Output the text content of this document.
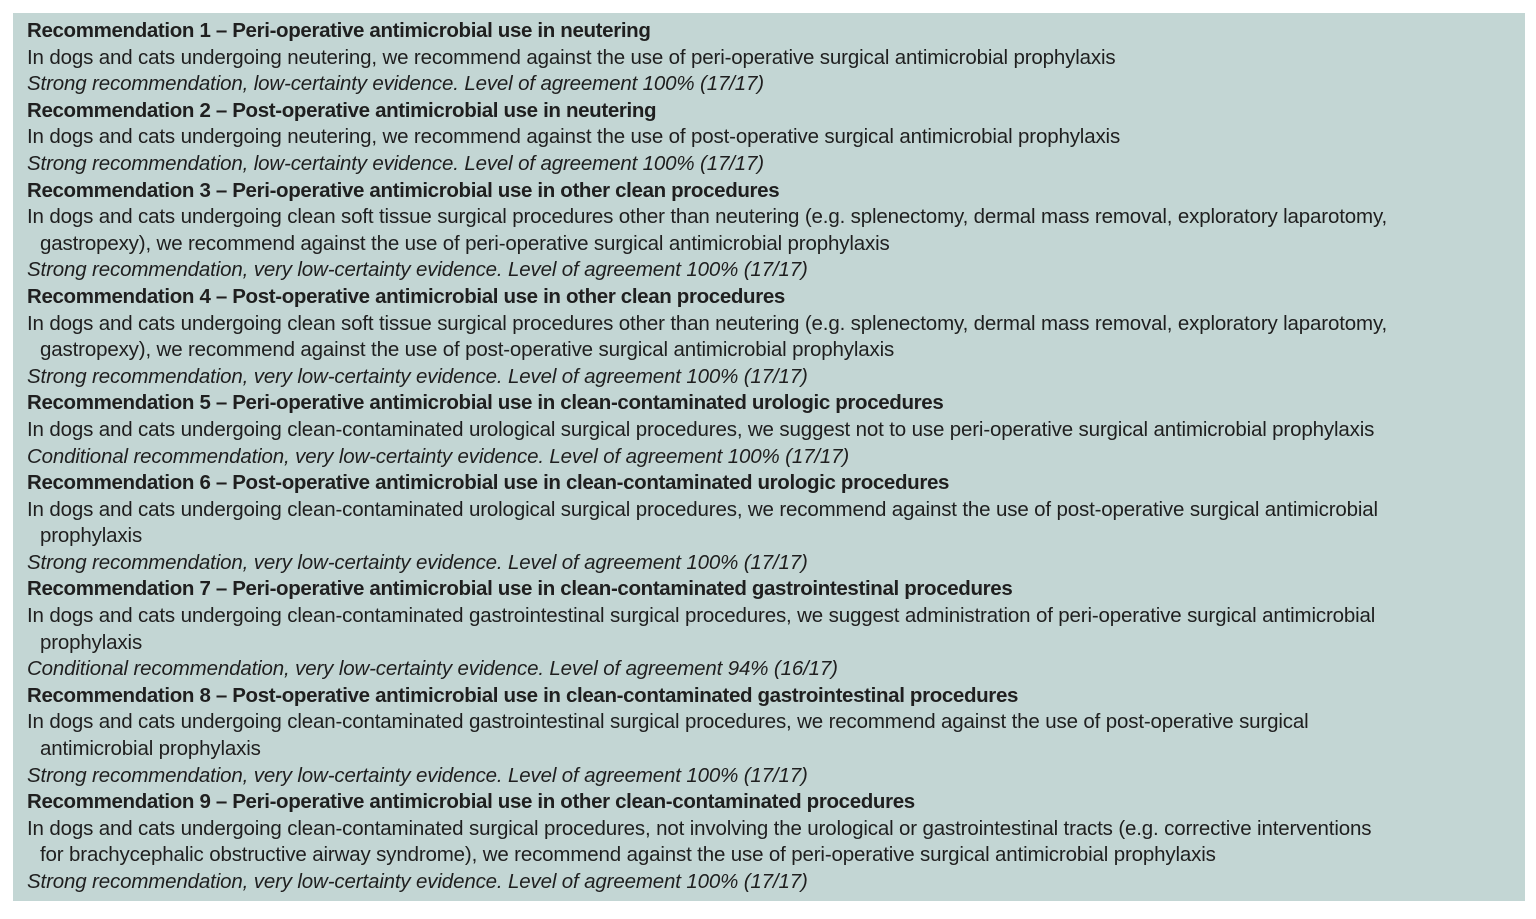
Recommendation 1 – Peri-operative antimicrobial use in neutering
In dogs and cats undergoing neutering, we recommend against the use of peri-operative surgical antimicrobial prophylaxis
Strong recommendation, low-certainty evidence. Level of agreement 100% (17/17)
Recommendation 2 – Post-operative antimicrobial use in neutering
In dogs and cats undergoing neutering, we recommend against the use of post-operative surgical antimicrobial prophylaxis
Strong recommendation, low-certainty evidence. Level of agreement 100% (17/17)
Recommendation 3 – Peri-operative antimicrobial use in other clean procedures
In dogs and cats undergoing clean soft tissue surgical procedures other than neutering (e.g. splenectomy, dermal mass removal, exploratory laparotomy,
gastropexy), we recommend against the use of peri-operative surgical antimicrobial prophylaxis
Strong recommendation, very low-certainty evidence. Level of agreement 100% (17/17)
Recommendation 4 – Post-operative antimicrobial use in other clean procedures
In dogs and cats undergoing clean soft tissue surgical procedures other than neutering (e.g. splenectomy, dermal mass removal, exploratory laparotomy,
gastropexy), we recommend against the use of post-operative surgical antimicrobial prophylaxis
Strong recommendation, very low-certainty evidence. Level of agreement 100% (17/17)
Recommendation 5 – Peri-operative antimicrobial use in clean-contaminated urologic procedures
In dogs and cats undergoing clean-contaminated urological surgical procedures, we suggest not to use peri-operative surgical antimicrobial prophylaxis
Conditional recommendation, very low-certainty evidence. Level of agreement 100% (17/17)
Recommendation 6 – Post-operative antimicrobial use in clean-contaminated urologic procedures
In dogs and cats undergoing clean-contaminated urological surgical procedures, we recommend against the use of post-operative surgical antimicrobial
prophylaxis
Strong recommendation, very low-certainty evidence. Level of agreement 100% (17/17)
Recommendation 7 – Peri-operative antimicrobial use in clean-contaminated gastrointestinal procedures
In dogs and cats undergoing clean-contaminated gastrointestinal surgical procedures, we suggest administration of peri-operative surgical antimicrobial
prophylaxis
Conditional recommendation, very low-certainty evidence. Level of agreement 94% (16/17)
Recommendation 8 – Post-operative antimicrobial use in clean-contaminated gastrointestinal procedures
In dogs and cats undergoing clean-contaminated gastrointestinal surgical procedures, we recommend against the use of post-operative surgical
antimicrobial prophylaxis
Strong recommendation, very low-certainty evidence. Level of agreement 100% (17/17)
Recommendation 9 – Peri-operative antimicrobial use in other clean-contaminated procedures
In dogs and cats undergoing clean-contaminated surgical procedures, not involving the urological or gastrointestinal tracts (e.g. corrective interventions
for brachycephalic obstructive airway syndrome), we recommend against the use of peri-operative surgical antimicrobial prophylaxis
Strong recommendation, very low-certainty evidence. Level of agreement 100% (17/17)
